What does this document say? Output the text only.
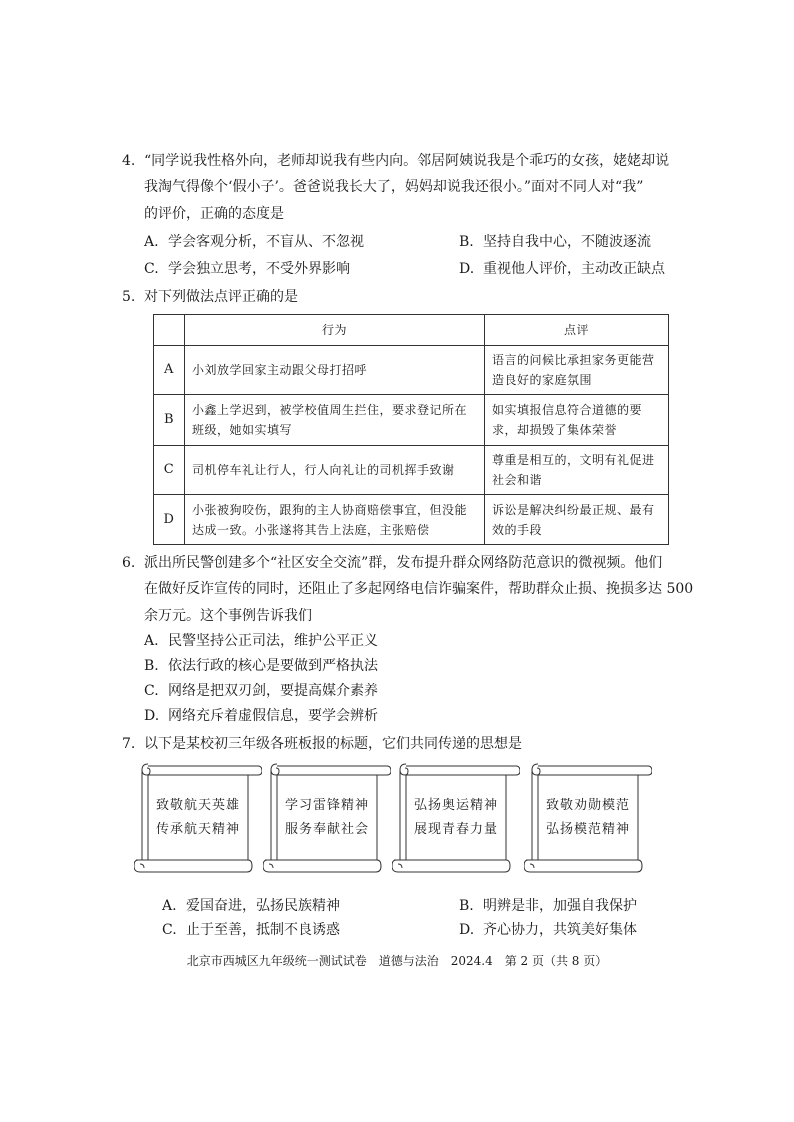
4. “同学说我性格外向，老师却说我有些内向。邻居阿姨说我是个乖巧的女孩，姥姥却说
我淘气得像个‘假小子’。爸爸说我长大了，妈妈却说我还很小。”面对不同人对“我”
的评价，正确的态度是
A. 学会客观分析，不盲从、不忽视	B. 坚持自我中心，不随波逐流
C. 学会独立思考，不受外界影响	D. 重视他人评价，主动改正缺点
5. 对下列做法点评正确的是
	行为	点评
A	小刘放学回家主动跟父母打招呼	语言的问候比承担家务更能营造良好的家庭氛围
B	小鑫上学迟到，被学校值周生拦住，要求登记所在班级，她如实填写	如实填报信息符合道德的要求，却损毁了集体荣誉
C	司机停车礼让行人，行人向礼让的司机挥手致谢	尊重是相互的，文明有礼促进社会和谐
D	小张被狗咬伤，跟狗的主人协商赔偿事宜，但没能达成一致。小张遂将其告上法庭，主张赔偿	诉讼是解决纠纷最正规、最有效的手段
6. 派出所民警创建多个“社区安全交流”群，发布提升群众网络防范意识的微视频。他们
在做好反诈宣传的同时，还阻止了多起网络电信诈骗案件，帮助群众止损、挽损多达 500
余万元。这个事例告诉我们
A. 民警坚持公正司法，维护公平正义
B. 依法行政的核心是要做到严格执法
C. 网络是把双刃剑，要提高媒介素养
D. 网络充斥着虚假信息，要学会辨析
7. 以下是某校初三年级各班板报的标题，它们共同传递的思想是
致敬航天英雄
传承航天精神
学习雷锋精神
服务奉献社会
弘扬奥运精神
展现青春力量
致敬劝勋模范
弘扬模范精神
A. 爱国奋进，弘扬民族精神	B. 明辨是非，加强自我保护
C. 止于至善，抵制不良诱惑	D. 齐心协力，共筑美好集体
北京市西城区九年级统一测试试卷　道德与法治　2024.4　第 2 页（共 8 页）
